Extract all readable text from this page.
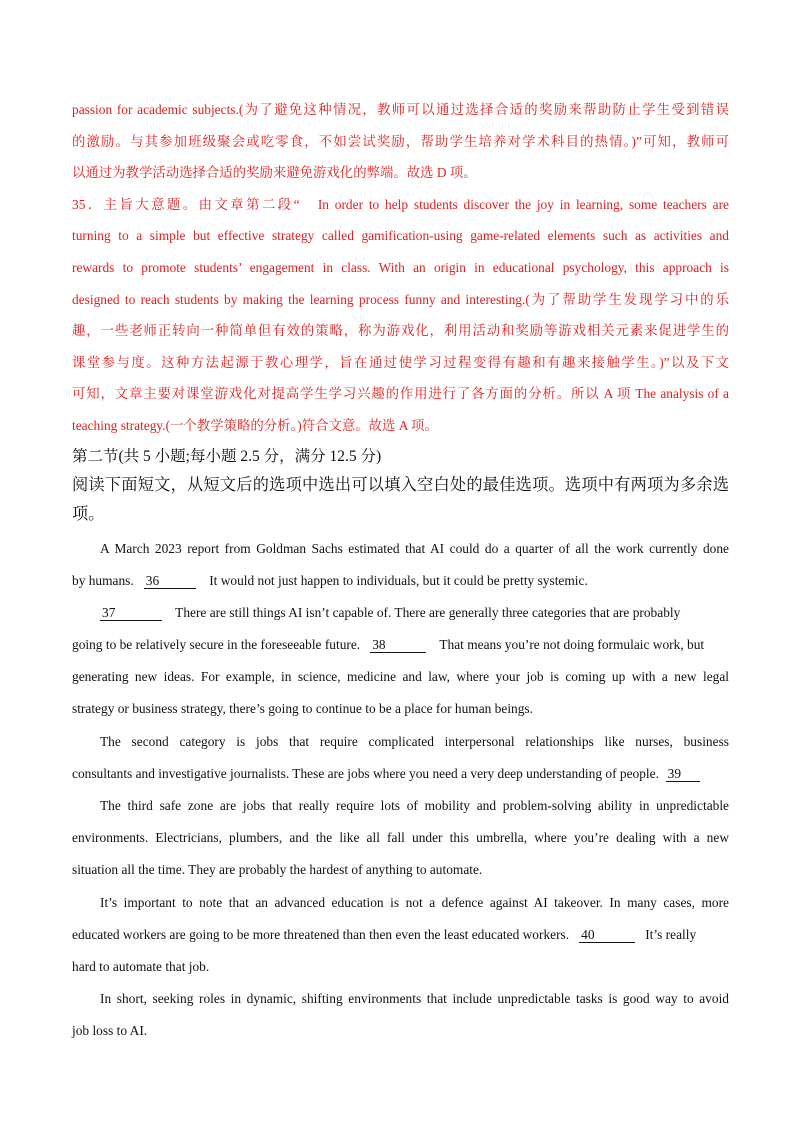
passion for academic subjects.(为了避免这种情况，教师可以通过选择合适的奖励来帮助防止学生受到错误
的激励。与其参加班级聚会或吃零食，不如尝试奖励，帮助学生培养对学术科目的热情。)”可知，教师可
以通过为教学活动选择合适的奖励来避免游戏化的弊端。故选 D 项。
35．主旨大意题。由文章第二段“　In order to help students discover the joy in learning, some teachers are
turning to a simple but effective strategy called gamification-using game-related elements such as activities and
rewards to promote students’ engagement in class. With an origin in educational psychology, this approach is
designed to reach students by making the learning process funny and interesting.(为了帮助学生发现学习中的乐
趣，一些老师正转向一种简单但有效的策略，称为游戏化，利用活动和奖励等游戏相关元素来促进学生的
课堂参与度。这种方法起源于教心理学，旨在通过使学习过程变得有趣和有趣来接触学生。)”以及下文
可知，文章主要对课堂游戏化对提高学生学习兴趣的作用进行了各方面的分析。所以 A 项 The analysis of a
teaching strategy.(一个教学策略的分析。)符合文意。故选 A 项。
第二节(共 5 小题;每小题 2.5 分，满分 12.5 分)
阅读下面短文，从短文后的选项中选出可以填入空白处的最佳选项。选项中有两项为多余选
项。
A March 2023 report from Goldman Sachs estimated that AI could do a quarter of all the work currently done
by humans. 36	It would not just happen to individuals, but it could be pretty systemic.
37	There are still things AI isn’t capable of. There are generally three categories that are probably
going to be relatively secure in the foreseeable future. 38	That means you’re not doing formulaic work, but
generating new ideas. For example, in science, medicine and law, where your job is coming up with a new legal
strategy or business strategy, there’s going to continue to be a place for human beings.
The second category is jobs that require complicated interpersonal relationships like nurses, business
consultants and investigative journalists. These are jobs where you need a very deep understanding of people. 39
The third safe zone are jobs that really require lots of mobility and problem-solving ability in unpredictable
environments. Electricians, plumbers, and the like all fall under this umbrella, where you’re dealing with a new
situation all the time. They are probably the hardest of anything to automate.
It’s important to note that an advanced education is not a defence against AI takeover. In many cases, more
educated workers are going to be more threatened than then even the least educated workers. 40	It’s really
hard to automate that job.
In short, seeking roles in dynamic, shifting environments that include unpredictable tasks is good way to avoid
job loss to AI.
